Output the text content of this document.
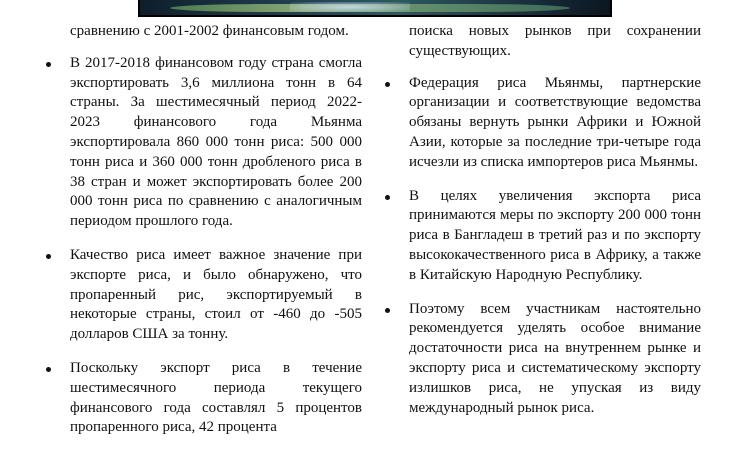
сравнению с 2001-2002 финансовым годом.

В 2017-2018 финансовом году страна смогла экспортировать 3,6 миллиона тонн в 64 страны. За шестимесячный период 2022-2023 финансового года Мьянма экспортировала 860 000 тонн риса: 500 000 тонн риса и 360 000 тонн дробленого риса в 38 стран и может экспортировать более 200 000 тонн риса по сравнению с аналогичным периодом прошлого года.

Качество риса имеет важное значение при экспорте риса, и было обнаружено, что пропаренный рис, экспортируемый в некоторые страны, стоил от -460 до -505 долларов США за тонну.

Поскольку экспорт риса в течение шестимесячного периода текущего финансового года составлял 5 процентов пропаренного риса, 42 процента

поиска новых рынков при сохранении существующих.

Федерация риса Мьянмы, партнерские организации и соответствующие ведомства обязаны вернуть рынки Африки и Южной Азии, которые за последние три-четыре года исчезли из списка импортеров риса Мьянмы.

В целях увеличения экспорта риса принимаются меры по экспорту 200 000 тонн риса в Бангладеш в третий раз и по экспорту высококачественного риса в Африку, а также в Китайскую Народную Республику.

Поэтому всем участникам настоятельно рекомендуется уделять особое внимание достаточности риса на внутреннем рынке и экспорту риса и систематическому экспорту излишков риса, не упуская из виду международный рынок риса.
